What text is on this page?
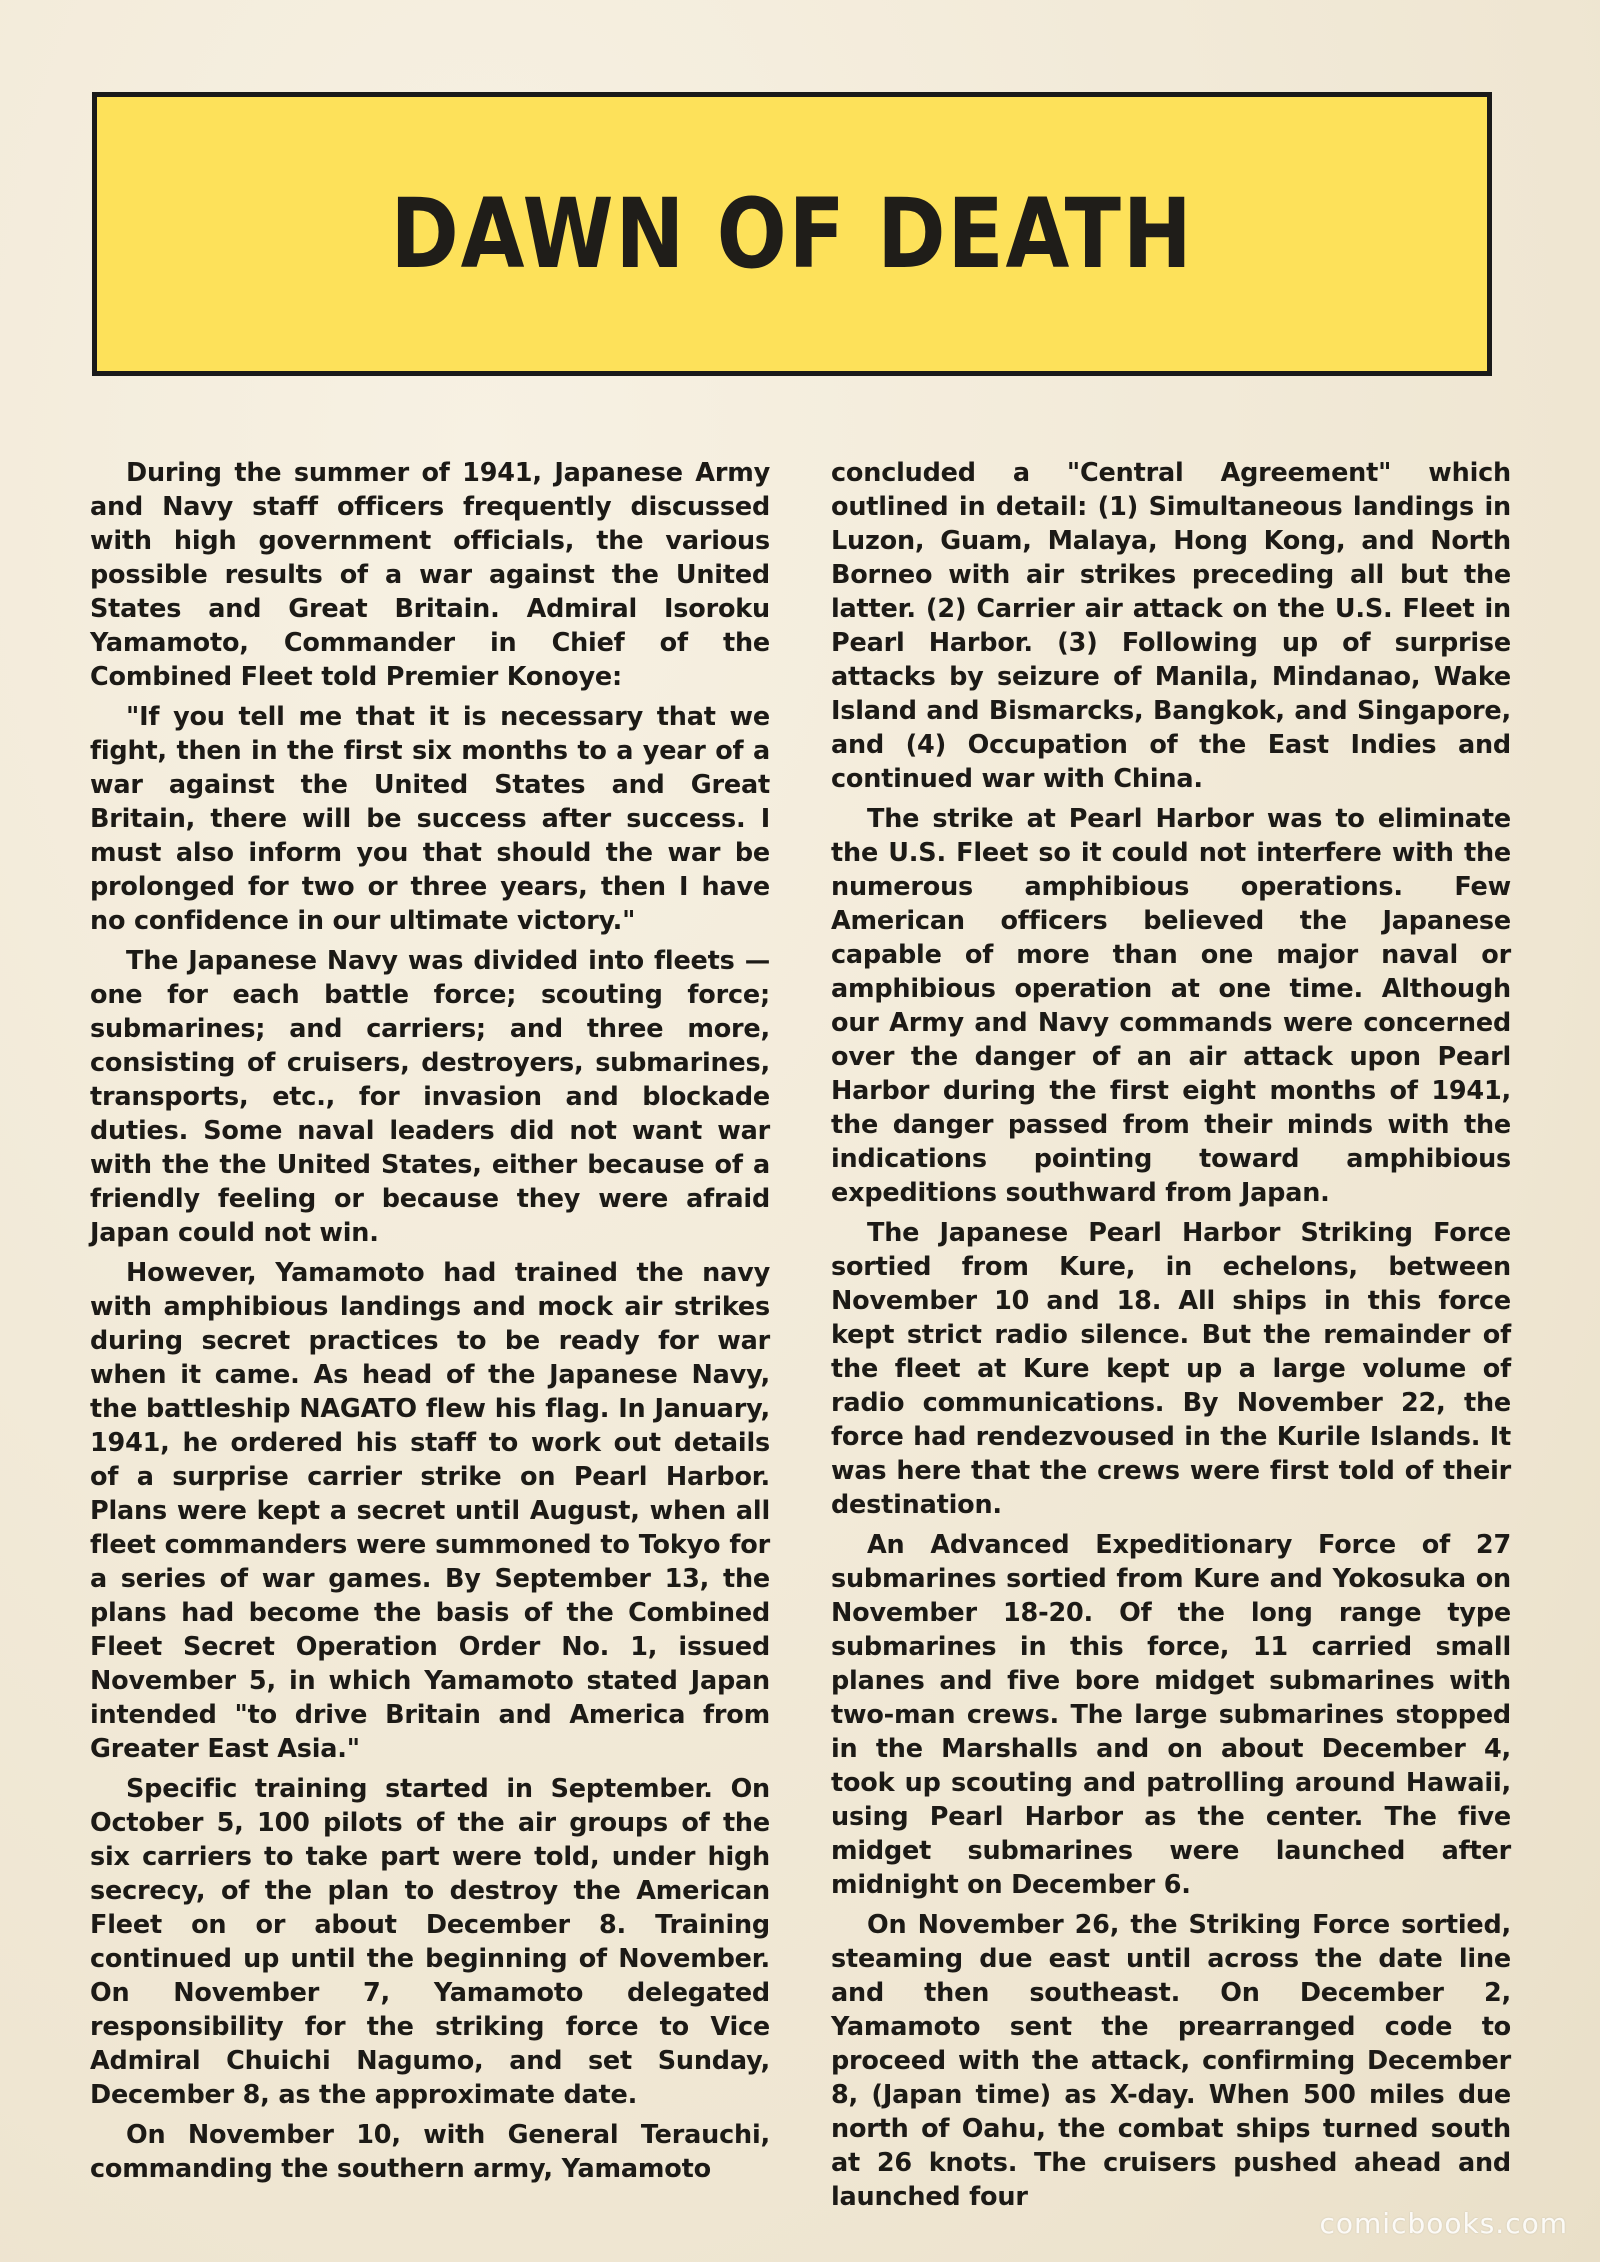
DAWN OF DEATH

During the summer of 1941, Japanese Army and Navy staff officers frequently discussed with high government officials, the various possible results of a war against the United States and Great Britain. Admiral Isoroku Yamamoto, Commander in Chief of the Combined Fleet told Premier Konoye:

"If you tell me that it is necessary that we fight, then in the first six months to a year of a war against the United States and Great Britain, there will be success after success. I must also inform you that should the war be prolonged for two or three years, then I have no confidence in our ultimate victory."

The Japanese Navy was divided into fleets — one for each battle force; scouting force; submarines; and carriers; and three more, consisting of cruisers, destroyers, submarines, transports, etc., for invasion and blockade duties. Some naval leaders did not want war with the the United States, either because of a friendly feeling or because they were afraid Japan could not win.

However, Yamamoto had trained the navy with amphibious landings and mock air strikes during secret practices to be ready for war when it came. As head of the Japanese Navy, the battleship NAGATO flew his flag. In January, 1941, he ordered his staff to work out details of a surprise carrier strike on Pearl Harbor. Plans were kept a secret until August, when all fleet commanders were summoned to Tokyo for a series of war games. By September 13, the plans had become the basis of the Combined Fleet Secret Operation Order No. 1, issued November 5, in which Yamamoto stated Japan intended "to drive Britain and America from Greater East Asia."

Specific training started in September. On October 5, 100 pilots of the air groups of the six carriers to take part were told, under high secrecy, of the plan to destroy the American Fleet on or about December 8. Training continued up until the beginning of November. On November 7, Yamamoto delegated responsibility for the striking force to Vice Admiral Chuichi Nagumo, and set Sunday, December 8, as the approximate date.

On November 10, with General Terauchi, commanding the southern army, Yamamoto

concluded a "Central Agreement" which outlined in detail: (1) Simultaneous landings in Luzon, Guam, Malaya, Hong Kong, and North Borneo with air strikes preceding all but the latter. (2) Carrier air attack on the U.S. Fleet in Pearl Harbor. (3) Following up of surprise attacks by seizure of Manila, Mindanao, Wake Island and Bismarcks, Bangkok, and Singapore, and (4) Occupation of the East Indies and continued war with China.

The strike at Pearl Harbor was to eliminate the U.S. Fleet so it could not interfere with the numerous amphibious operations. Few American officers believed the Japanese capable of more than one major naval or amphibious operation at one time. Although our Army and Navy commands were concerned over the danger of an air attack upon Pearl Harbor during the first eight months of 1941, the danger passed from their minds with the indications pointing toward amphibious expeditions southward from Japan.

The Japanese Pearl Harbor Striking Force sortied from Kure, in echelons, between November 10 and 18. All ships in this force kept strict radio silence. But the remainder of the fleet at Kure kept up a large volume of radio communications. By November 22, the force had rendezvoused in the Kurile Islands. It was here that the crews were first told of their destination.

An Advanced Expeditionary Force of 27 submarines sortied from Kure and Yokosuka on November 18-20. Of the long range type submarines in this force, 11 carried small planes and five bore midget submarines with two-man crews. The large submarines stopped in the Marshalls and on about December 4, took up scouting and patrolling around Hawaii, using Pearl Harbor as the center. The five midget submarines were launched after midnight on December 6.

On November 26, the Striking Force sortied, steaming due east until across the date line and then southeast. On December 2, Yamamoto sent the prearranged code to proceed with the attack, confirming December 8, (Japan time) as X-day. When 500 miles due north of Oahu, the combat ships turned south at 26 knots. The cruisers pushed ahead and launched four

comicbooks.com
